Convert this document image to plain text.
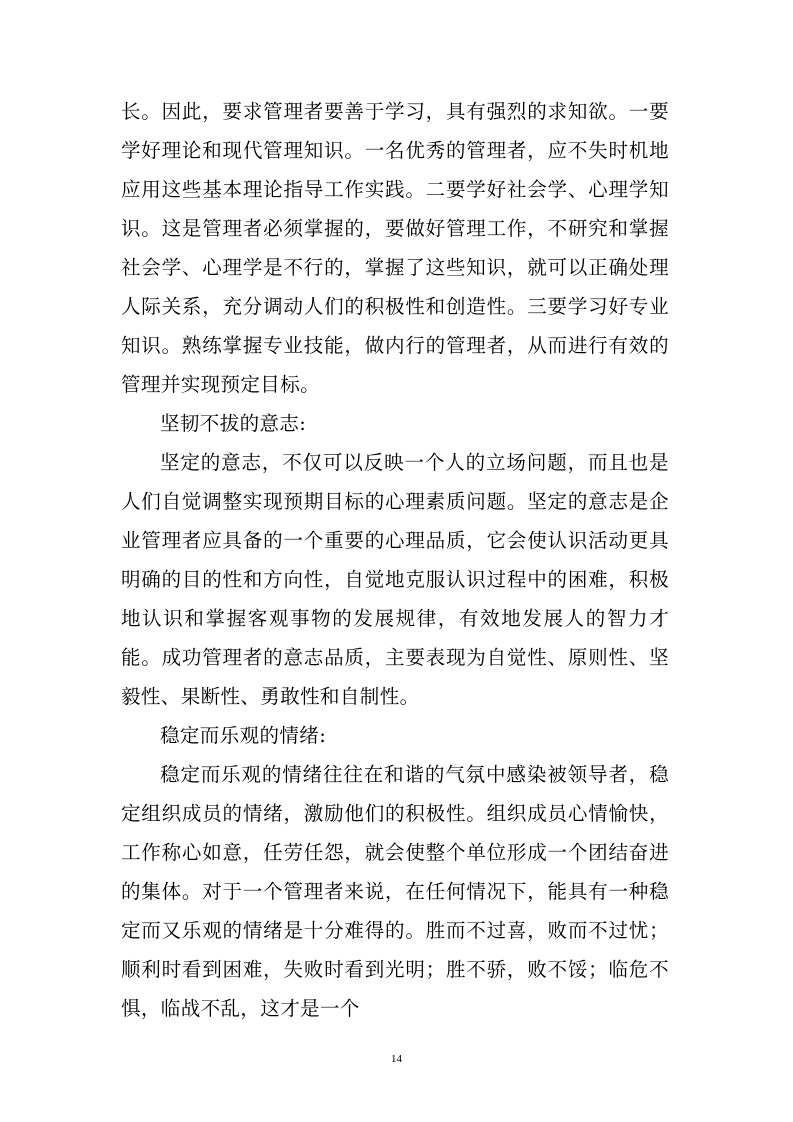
长。因此，要求管理者要善于学习，具有强烈的求知欲。一要学好理论和现代管理知识。一名优秀的管理者，应不失时机地应用这些基本理论指导工作实践。二要学好社会学、心理学知识。这是管理者必须掌握的，要做好管理工作，不研究和掌握社会学、心理学是不行的，掌握了这些知识，就可以正确处理人际关系，充分调动人们的积极性和创造性。三要学习好专业知识。熟练掌握专业技能，做内行的管理者，从而进行有效的管理并实现预定目标。

坚韧不拔的意志:

坚定的意志，不仅可以反映一个人的立场问题，而且也是人们自觉调整实现预期目标的心理素质问题。坚定的意志是企业管理者应具备的一个重要的心理品质，它会使认识活动更具明确的目的性和方向性，自觉地克服认识过程中的困难，积极地认识和掌握客观事物的发展规律，有效地发展人的智力才能。成功管理者的意志品质，主要表现为自觉性、原则性、坚毅性、果断性、勇敢性和自制性。

稳定而乐观的情绪:

稳定而乐观的情绪往往在和谐的气氛中感染被领导者，稳定组织成员的情绪，激励他们的积极性。组织成员心情愉快，工作称心如意，任劳任怨，就会使整个单位形成一个团结奋进的集体。对于一个管理者来说，在任何情况下，能具有一种稳定而又乐观的情绪是十分难得的。胜而不过喜，败而不过忧；顺利时看到困难，失败时看到光明；胜不骄，败不馁；临危不惧，临战不乱，这才是一个

14
